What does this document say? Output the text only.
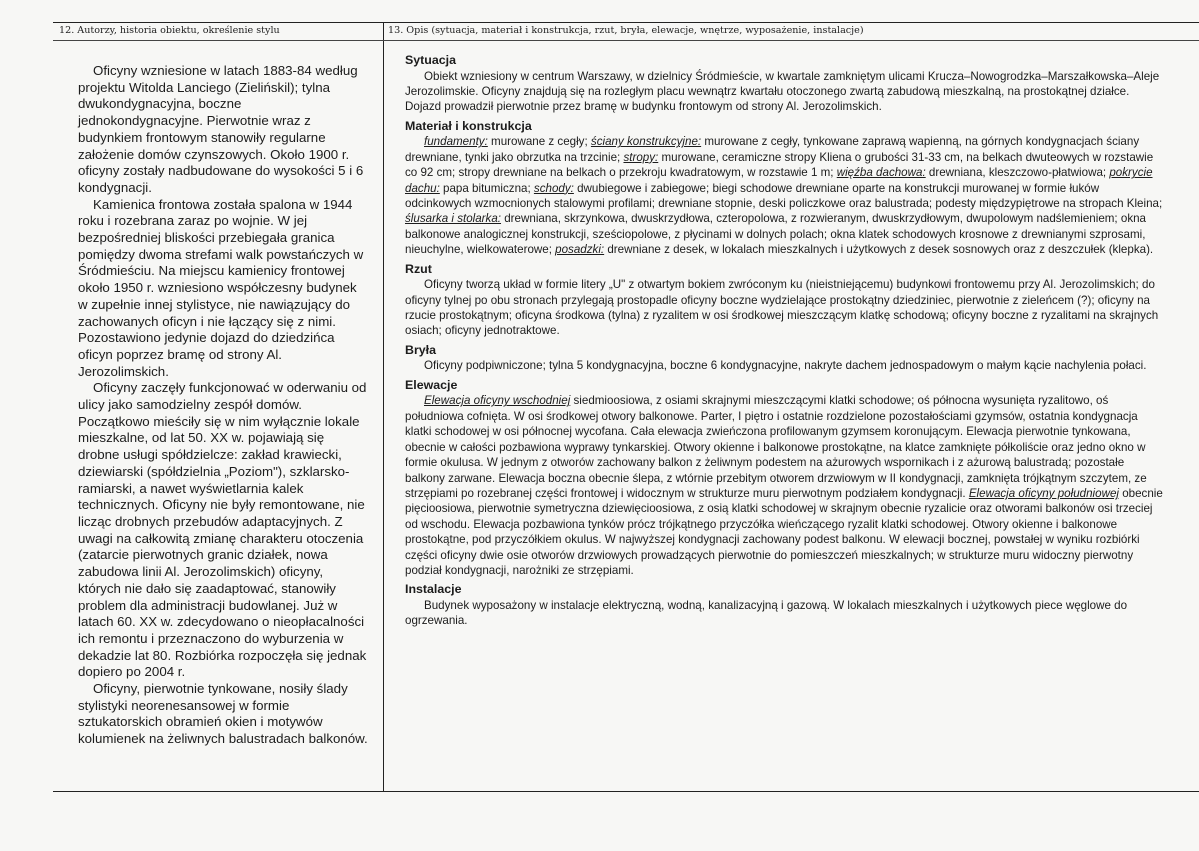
12. Autorzy, historia obiektu, określenie stylu	13. Opis (sytuacja, materiał i konstrukcja, rzut, bryła, elewacje, wnętrze, wyposażenie, instalacje)

Oficyny wzniesione w latach 1883-84 według projektu Witolda Lanciego (Zielińskil); tylna dwukondygnacyjna, boczne jednokondygnacyjne. Pierwotnie wraz z budynkiem frontowym stanowiły regularne założenie domów czynszowych. Około 1900 r. oficyny zostały nadbudowane do wysokości 5 i 6 kondygnacji.

Kamienica frontowa została spalona w 1944 roku i rozebrana zaraz po wojnie. W jej bezpośredniej bliskości przebiegała granica pomiędzy dwoma strefami walk powstańczych w Śródmieściu. Na miejscu kamienicy frontowej około 1950 r. wzniesiono współczesny budynek w zupełnie innej stylistyce, nie nawiązujący do zachowanych oficyn i nie łączący się z nimi. Pozostawiono jedynie dojazd do dziedzińca oficyn poprzez bramę od strony Al. Jerozolimskich.

Oficyny zaczęły funkcjonować w oderwaniu od ulicy jako samodzielny zespół domów. Początkowo mieściły się w nim wyłącznie lokale mieszkalne, od lat 50. XX w. pojawiają się drobne usługi spółdzielcze: zakład krawiecki, dziewiarski (spółdzielnia „Poziom"), szklarsko-ramiarski, a nawet wyświetlarnia kalek technicznych. Oficyny nie były remontowane, nie licząc drobnych przebudów adaptacyjnych. Z uwagi na całkowitą zmianę charakteru otoczenia (zatarcie pierwotnych granic działek, nowa zabudowa linii Al. Jerozolimskich) oficyny, których nie dało się zaadaptować, stanowiły problem dla administracji budowlanej. Już w latach 60. XX w. zdecydowano o nieopłacalności ich remontu i przeznaczono do wyburzenia w dekadzie lat 80. Rozbiórka rozpoczęła się jednak dopiero po 2004 r.

Oficyny, pierwotnie tynkowane, nosiły ślady stylistyki neorenesansowej w formie sztukatorskich obramień okien i motywów kolumienek na żeliwnych balustradach balkonów.

Sytuacja

Obiekt wzniesiony w centrum Warszawy, w dzielnicy Śródmieście, w kwartale zamkniętym ulicami Krucza–Nowogrodzka–Marszałkowska–Aleje Jerozolimskie. Oficyny znajdują się na rozległym placu wewnątrz kwartału otoczonego zwartą zabudową mieszkalną, na prostokątnej działce. Dojazd prowadził pierwotnie przez bramę w budynku frontowym od strony Al. Jerozolimskich.

Materiał i konstrukcja

fundamenty: murowane z cegły; ściany konstrukcyjne: murowane z cegły, tynkowane zaprawą wapienną, na górnych kondygnacjach ściany drewniane, tynki jako obrzutka na trzcinie; stropy: murowane, ceramiczne stropy Kliena o grubości 31-33 cm, na belkach dwuteowych w rozstawie co 92 cm; stropy drewniane na belkach o przekroju kwadratowym, w rozstawie 1 m; więźba dachowa: drewniana, kleszczowo-płatwiowa; pokrycie dachu: papa bitumiczna; schody: dwubiegowe i zabiegowe; biegi schodowe drewniane oparte na konstrukcji murowanej w formie łuków odcinkowych wzmocnionych stalowymi profilami; drewniane stopnie, deski policzkowe oraz balustrada; podesty międzypiętrowe na stropach Kleina; ślusarka i stolarka: drewniana, skrzynkowa, dwuskrzydłowa, czteropolowa, z rozwieranym, dwuskrzydłowym, dwupolowym nadślemieniem; okna balkonowe analogicznej konstrukcji, sześciopolowe, z płycinami w dolnych polach; okna klatek schodowych krosnowe z drewnianymi szprosami, nieuchylne, wielkowaterowe; posadzki: drewniane z desek, w lokalach mieszkalnych i użytkowych z desek sosnowych oraz z deszczułek (klepka).

Rzut

Oficyny tworzą układ w formie litery „U" z otwartym bokiem zwróconym ku (nieistniejącemu) budynkowi frontowemu przy Al. Jerozolimskich; do oficyny tylnej po obu stronach przylegają prostopadle oficyny boczne wydzielające prostokątny dziedziniec, pierwotnie z zieleńcem (?); oficyny na rzucie prostokątnym; oficyna środkowa (tylna) z ryzalitem w osi środkowej mieszczącym klatkę schodową; oficyny boczne z ryzalitami na skrajnych osiach; oficyny jednotraktowe.

Bryła

Oficyny podpiwniczone; tylna 5 kondygnacyjna, boczne 6 kondygnacyjne, nakryte dachem jednospadowym o małym kącie nachylenia połaci.

Elewacje

Elewacja oficyny wschodniej siedmioosiowa, z osiami skrajnymi mieszczącymi klatki schodowe; oś północna wysunięta ryzalitowo, oś południowa cofnięta. W osi środkowej otwory balkonowe. Parter, I piętro i ostatnie rozdzielone pozostałościami gzymsów, ostatnia kondygnacja klatki schodowej w osi północnej wycofana. Cała elewacja zwieńczona profilowanym gzymsem koronującym. Elewacja pierwotnie tynkowana, obecnie w całości pozbawiona wyprawy tynkarskiej. Otwory okienne i balkonowe prostokątne, na klatce zamknięte półkoliście oraz jedno okno w formie okulusa. W jednym z otworów zachowany balkon z żeliwnym podestem na ażurowych wspornikach i z ażurową balustradą; pozostałe balkony zarwane. Elewacja boczna obecnie ślepa, z wtórnie przebitym otworem drzwiowym w II kondygnacji, zamknięta trójkątnym szczytem, ze strzępiami po rozebranej części frontowej i widocznym w strukturze muru pierwotnym podziałem kondygnacji. Elewacja oficyny południowej obecnie pięcioosiowa, pierwotnie symetryczna dziewięcioosiowa, z osią klatki schodowej w skrajnym obecnie ryzalicie oraz otworami balkonów osi trzeciej od wschodu. Elewacja pozbawiona tynków prócz trójkątnego przyczółka wieńczącego ryzalit klatki schodowej. Otwory okienne i balkonowe prostokątne, pod przyczółkiem okulus. W najwyższej kondygnacji zachowany podest balkonu. W elewacji bocznej, powstałej w wyniku rozbiórki części oficyny dwie osie otworów drzwiowych prowadzących pierwotnie do pomieszczeń mieszkalnych; w strukturze muru widoczny pierwotny podział kondygnacji, narożniki ze strzępiami.

Instalacje

Budynek wyposażony w instalacje elektryczną, wodną, kanalizacyjną i gazową. W lokalach mieszkalnych i użytkowych piece węglowe do ogrzewania.
